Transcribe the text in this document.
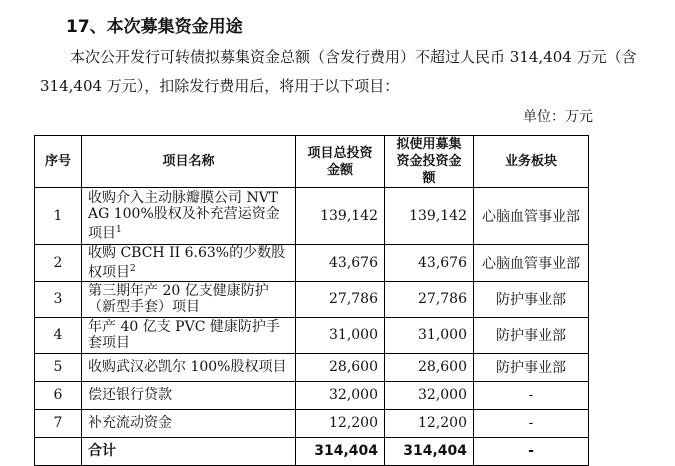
17、本次募集资金用途
本次公开发行可转债拟募集资金总额（含发行费用）不超过人民币 314,404 万元（含 314,404 万元），扣除发行费用后，将用于以下项目：
单位：万元
序号	项目名称	项目总投资金额	拟使用募集资金投资金额	业务板块
1	收购介入主动脉瓣膜公司 NVT AG 100%股权及补充营运资金项目$^1$	139,142	139,142	心脑血管事业部
2	收购 CBCH II 6.63%的少数股权项目$^2$	43,676	43,676	心脑血管事业部
3	第三期年产 20 亿支健康防护（新型手套）项目	27,786	27,786	防护事业部
4	年产 40 亿支 PVC 健康防护手套项目	31,000	31,000	防护事业部
5	收购武汉必凯尔 100%股权项目	28,600	28,600	防护事业部
6	偿还银行贷款	32,000	32,000	-
7	补充流动资金	12,200	12,200	-
	合计	314,404	314,404	-
